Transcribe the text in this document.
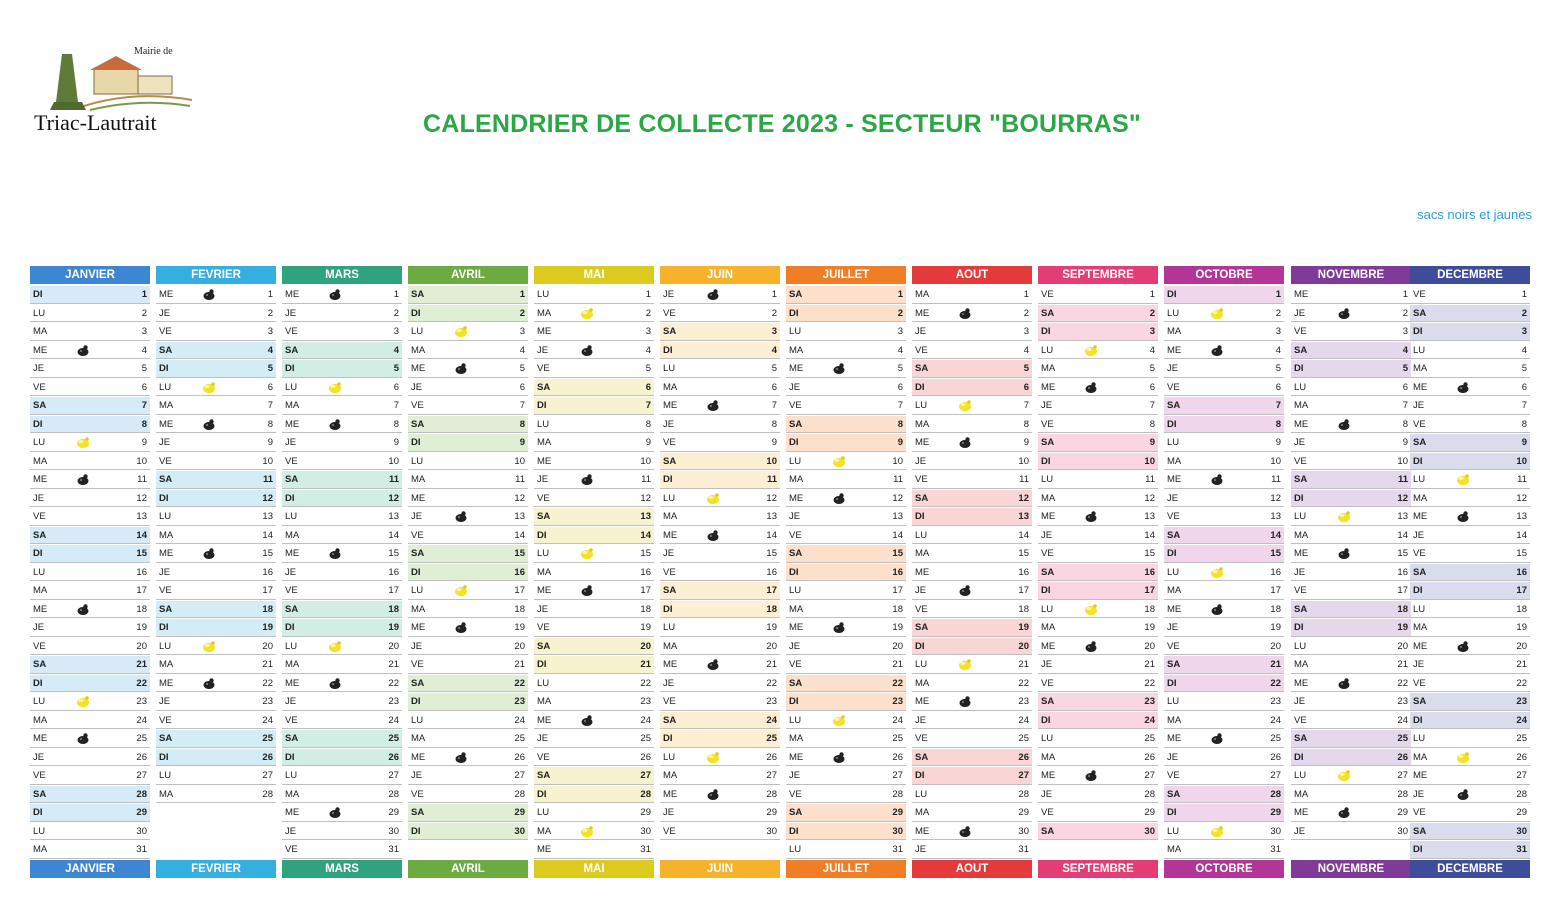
Mairie de
Triac-Lautrait	CALENDRIER DE COLLECTE 2023 - SECTEUR "BOURRAS"
sacs noirs et jaunes
JANVIER
DI	1
LU	2
MA	3
ME	4
JE	5
VE	6
SA	7
DI	8
LU	9
MA	10
ME	11
JE	12
VE	13
SA	14
DI	15
LU	16
MA	17
ME	18
JE	19
VE	20
SA	21
DI	22
LU	23
MA	24
ME	25
JE	26
VE	27
SA	28
DI	29
LU	30
MA	31
JANVIER
FEVRIER
ME	1
JE	2
VE	3
SA	4
DI	5
LU	6
MA	7
ME	8
JE	9
VE	10
SA	11
DI	12
LU	13
MA	14
ME	15
JE	16
VE	17
SA	18
DI	19
LU	20
MA	21
ME	22
JE	23
VE	24
SA	25
DI	26
LU	27
MA	28
FEVRIER
MARS
ME	1
JE	2
VE	3
SA	4
DI	5
LU	6
MA	7
ME	8
JE	9
VE	10
SA	11
DI	12
LU	13
MA	14
ME	15
JE	16
VE	17
SA	18
DI	19
LU	20
MA	21
ME	22
JE	23
VE	24
SA	25
DI	26
LU	27
MA	28
ME	29
JE	30
VE	31
MARS
AVRIL
SA	1
DI	2
LU	3
MA	4
ME	5
JE	6
VE	7
SA	8
DI	9
LU	10
MA	11
ME	12
JE	13
VE	14
SA	15
DI	16
LU	17
MA	18
ME	19
JE	20
VE	21
SA	22
DI	23
LU	24
MA	25
ME	26
JE	27
VE	28
SA	29
DI	30
AVRIL
MAI
LU	1
MA	2
ME	3
JE	4
VE	5
SA	6
DI	7
LU	8
MA	9
ME	10
JE	11
VE	12
SA	13
DI	14
LU	15
MA	16
ME	17
JE	18
VE	19
SA	20
DI	21
LU	22
MA	23
ME	24
JE	25
VE	26
SA	27
DI	28
LU	29
MA	30
ME	31
MAI
JUIN
JE	1
VE	2
SA	3
DI	4
LU	5
MA	6
ME	7
JE	8
VE	9
SA	10
DI	11
LU	12
MA	13
ME	14
JE	15
VE	16
SA	17
DI	18
LU	19
MA	20
ME	21
JE	22
VE	23
SA	24
DI	25
LU	26
MA	27
ME	28
JE	29
VE	30
JUIN
JUILLET
SA	1
DI	2
LU	3
MA	4
ME	5
JE	6
VE	7
SA	8
DI	9
LU	10
MA	11
ME	12
JE	13
VE	14
SA	15
DI	16
LU	17
MA	18
ME	19
JE	20
VE	21
SA	22
DI	23
LU	24
MA	25
ME	26
JE	27
VE	28
SA	29
DI	30
LU	31
JUILLET
AOUT
MA	1
ME	2
JE	3
VE	4
SA	5
DI	6
LU	7
MA	8
ME	9
JE	10
VE	11
SA	12
DI	13
LU	14
MA	15
ME	16
JE	17
VE	18
SA	19
DI	20
LU	21
MA	22
ME	23
JE	24
VE	25
SA	26
DI	27
LU	28
MA	29
ME	30
JE	31
AOUT
SEPTEMBRE
VE	1
SA	2
DI	3
LU	4
MA	5
ME	6
JE	7
VE	8
SA	9
DI	10
LU	11
MA	12
ME	13
JE	14
VE	15
SA	16
DI	17
LU	18
MA	19
ME	20
JE	21
VE	22
SA	23
DI	24
LU	25
MA	26
ME	27
JE	28
VE	29
SA	30
SEPTEMBRE
OCTOBRE
DI	1
LU	2
MA	3
ME	4
JE	5
VE	6
SA	7
DI	8
LU	9
MA	10
ME	11
JE	12
VE	13
SA	14
DI	15
LU	16
MA	17
ME	18
JE	19
VE	20
SA	21
DI	22
LU	23
MA	24
ME	25
JE	26
VE	27
SA	28
DI	29
LU	30
MA	31
OCTOBRE
NOVEMBRE
ME	1
JE	2
VE	3
SA	4
DI	5
LU	6
MA	7
ME	8
JE	9
VE	10
SA	11
DI	12
LU	13
MA	14
ME	15
JE	16
VE	17
SA	18
DI	19
LU	20
MA	21
ME	22
JE	23
VE	24
SA	25
DI	26
LU	27
MA	28
ME	29
JE	30
NOVEMBRE
DECEMBRE
VE	1
SA	2
DI	3
LU	4
MA	5
ME	6
JE	7
VE	8
SA	9
DI	10
LU	11
MA	12
ME	13
JE	14
VE	15
SA	16
DI	17
LU	18
MA	19
ME	20
JE	21
VE	22
SA	23
DI	24
LU	25
MA	26
ME	27
JE	28
VE	29
SA	30
DI	31
DECEMBRE
